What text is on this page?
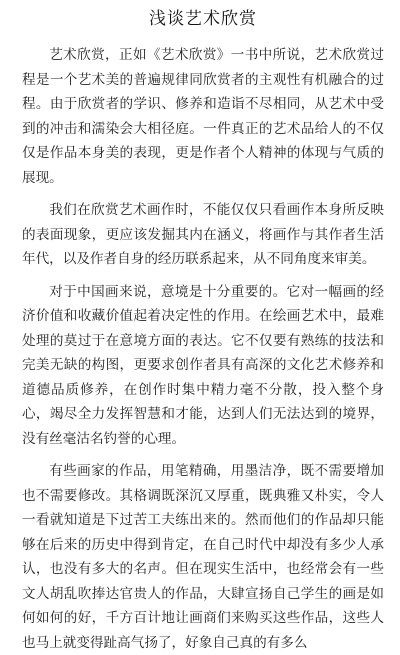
浅谈艺术欣赏

艺术欣赏，正如《艺术欣赏》一书中所说，艺术欣赏过程是一个艺术美的普遍规律同欣赏者的主观性有机融合的过程。由于欣赏者的学识、修养和造诣不尽相同，从艺术中受到的冲击和濡染会大相径庭。一件真正的艺术品给人的不仅仅是作品本身美的表现，更是作者个人精神的体现与气质的展现。

我们在欣赏艺术画作时，不能仅仅只看画作本身所反映的表面现象，更应该发掘其内在涵义，将画作与其作者生活年代，以及作者自身的经历联系起来，从不同角度来审美。

对于中国画来说，意境是十分重要的。它对一幅画的经济价值和收藏价值起着决定性的作用。在绘画艺术中，最难处理的莫过于在意境方面的表达。它不仅要有熟练的技法和完美无缺的构图，更要求创作者具有高深的文化艺术修养和道德品质修养，在创作时集中精力毫不分散，投入整个身心，竭尽全力发挥智慧和才能，达到人们无法达到的境界，没有丝毫沽名钓誉的心理。

有些画家的作品，用笔精确，用墨洁净，既不需要增加也不需要修改。其格调既深沉又厚重，既典雅又朴实，令人一看就知道是下过苦工夫练出来的。然而他们的作品却只能够在后来的历史中得到肯定，在自己时代中却没有多少人承认，也没有多大的名声。但在现实生活中，也经常会有一些文人胡乱吹捧达官贵人的作品，大肆宣扬自己学生的画是如何如何的好，千方百计地让画商们来购买这些作品，这些人也马上就变得趾高气扬了，好象自己真的有多么
